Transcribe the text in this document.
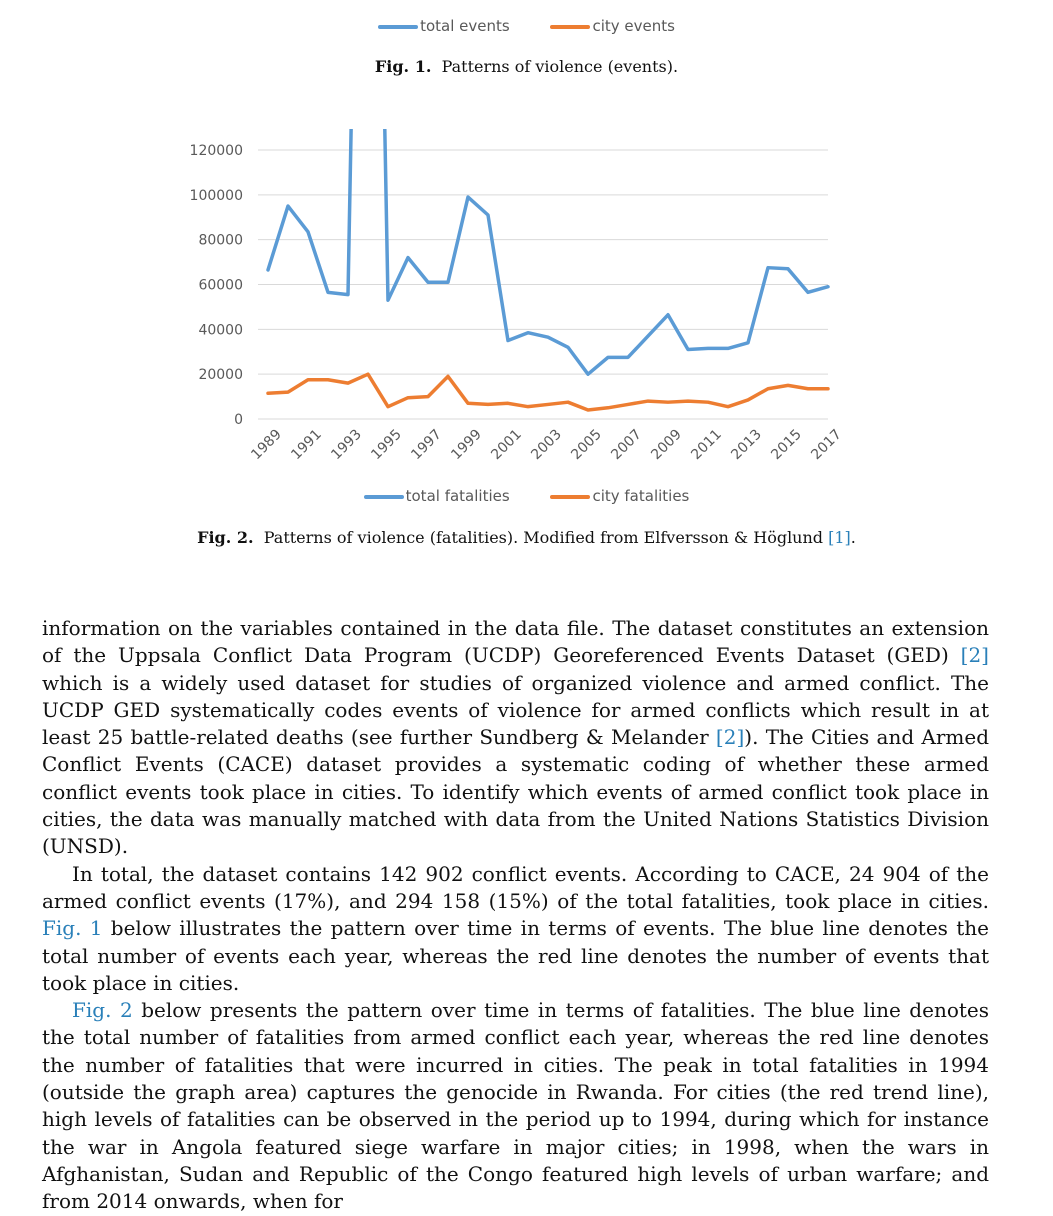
total events	city events
Fig. 1. Patterns of violence (events).
0
20000
40000
60000
80000
100000
120000
1989 1991 1993 1995 1997 1999 2001 2003 2005 2007 2009 2011 2013 2015 2017
total fatalities	city fatalities
Fig. 2. Patterns of violence (fatalities). Modified from Elfversson & Höglund [1].

information on the variables contained in the data file. The dataset constitutes an extension of the Uppsala Conflict Data Program (UCDP) Georeferenced Events Dataset (GED) [2] which is a widely used dataset for studies of organized violence and armed conflict. The UCDP GED systematically codes events of violence for armed conflicts which result in at least 25 battle-related deaths (see further Sundberg & Melander [2]). The Cities and Armed Conflict Events (CACE) dataset provides a systematic coding of whether these armed conflict events took place in cities. To identify which events of armed conflict took place in cities, the data was manually matched with data from the United Nations Statistics Division (UNSD).

In total, the dataset contains 142 902 conflict events. According to CACE, 24 904 of the armed conflict events (17%), and 294 158 (15%) of the total fatalities, took place in cities. Fig. 1 below illustrates the pattern over time in terms of events. The blue line denotes the total number of events each year, whereas the red line denotes the number of events that took place in cities.

Fig. 2 below presents the pattern over time in terms of fatalities. The blue line denotes the total number of fatalities from armed conflict each year, whereas the red line denotes the number of fatalities that were incurred in cities. The peak in total fatalities in 1994 (outside the graph area) captures the genocide in Rwanda. For cities (the red trend line), high levels of fatalities can be observed in the period up to 1994, during which for instance the war in Angola featured siege warfare in major cities; in 1998, when the wars in Afghanistan, Sudan and Republic of the Congo featured high levels of urban warfare; and from 2014 onwards, when for
